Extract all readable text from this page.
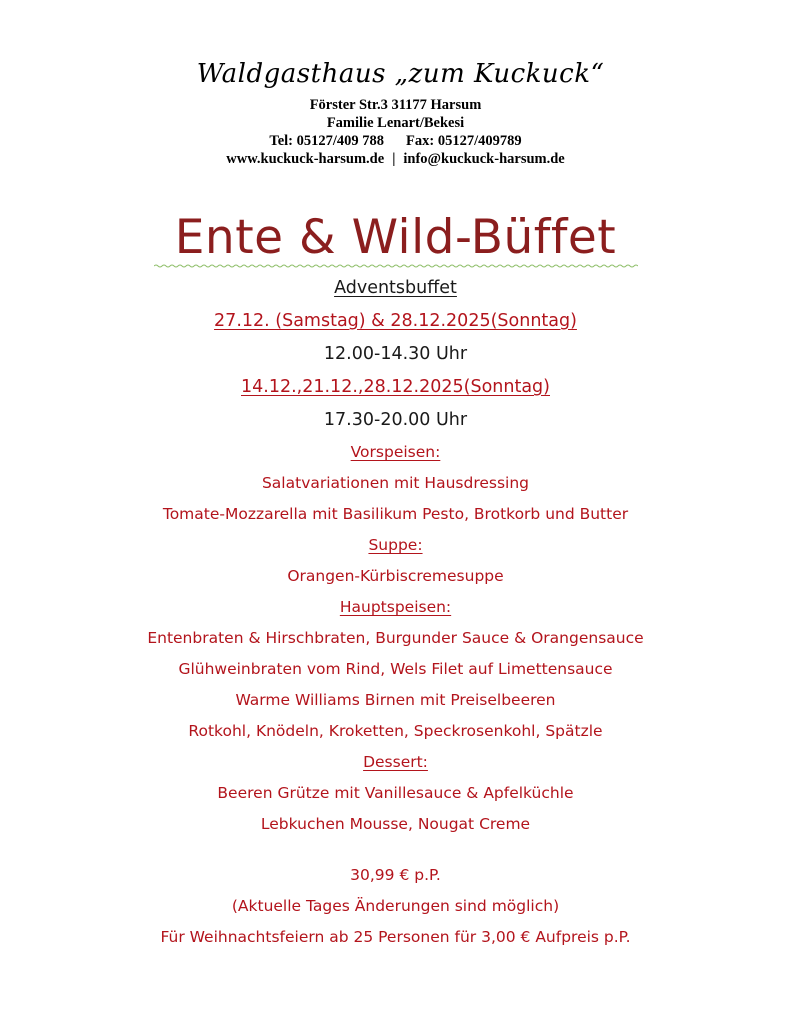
Waldgasthaus „zum Kuckuck“
Förster Str.3 31177 Harsum
Familie Lenart/Bekesi
Tel: 05127/409 788 Fax: 05127/409789
www.kuckuck-harsum.de | info@kuckuck-harsum.de
Ente & Wild-Büffet
Adventsbuffet
27.12. (Samstag) & 28.12.2025(Sonntag)
12.00-14.30 Uhr
14.12.,21.12.,28.12.2025(Sonntag)
17.30-20.00 Uhr
Vorspeisen:
Salatvariationen mit Hausdressing
Tomate-Mozzarella mit Basilikum Pesto, Brotkorb und Butter
Suppe:
Orangen-Kürbiscremesuppe
Hauptspeisen:
Entenbraten & Hirschbraten, Burgunder Sauce & Orangensauce
Glühweinbraten vom Rind, Wels Filet auf Limettensauce
Warme Williams Birnen mit Preiselbeeren
Rotkohl, Knödeln, Kroketten, Speckrosenkohl, Spätzle
Dessert:
Beeren Grütze mit Vanillesauce & Apfelküchle
Lebkuchen Mousse, Nougat Creme
30,99 € p.P.
(Aktuelle Tages Änderungen sind möglich)
Für Weihnachtsfeiern ab 25 Personen für 3,00 € Aufpreis p.P.
